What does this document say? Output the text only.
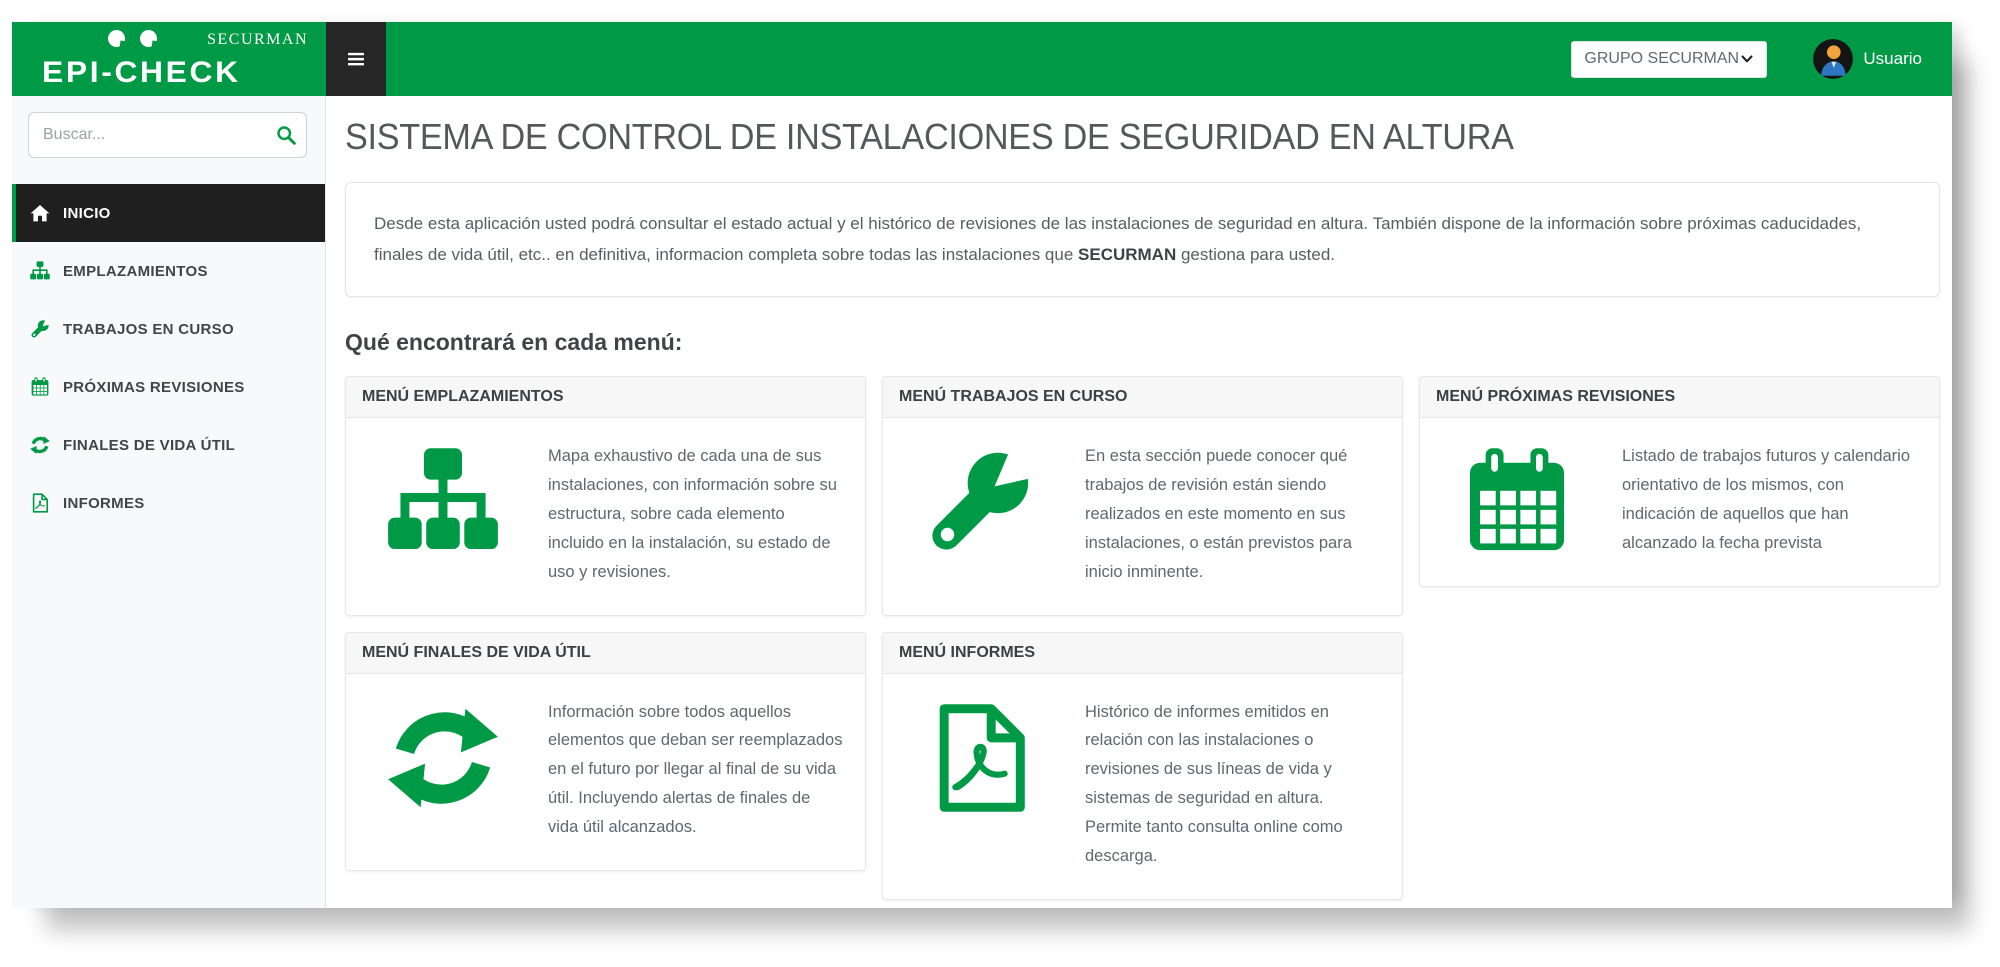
SECURMAN
EPI-CHECK	GRUPO SECURMAN	Usuario
Buscar...
INICIO
EMPLAZAMIENTOS
TRABAJOS EN CURSO
PRÓXIMAS REVISIONES
FINALES DE VIDA ÚTIL
INFORMES
SISTEMA DE CONTROL DE INSTALACIONES DE SEGURIDAD EN ALTURA
Desde esta aplicación usted podrá consultar el estado actual y el histórico de revisiones de las instalaciones de seguridad en altura. También dispone de la información sobre próximas caducidades, finales de vida útil, etc.. en definitiva, informacion completa sobre todas las instalaciones que SECURMAN gestiona para usted.
Qué encontrará en cada menú:
MENÚ EMPLAZAMIENTOS
Mapa exhaustivo de cada una de sus instalaciones, con información sobre su estructura, sobre cada elemento incluido en la instalación, su estado de uso y revisiones.
MENÚ TRABAJOS EN CURSO
En esta sección puede conocer qué trabajos de revisión están siendo realizados en este momento en sus instalaciones, o están previstos para inicio inminente.
MENÚ PRÓXIMAS REVISIONES
Listado de trabajos futuros y calendario orientativo de los mismos, con indicación de aquellos que han alcanzado la fecha prevista
MENÚ FINALES DE VIDA ÚTIL
Información sobre todos aquellos elementos que deban ser reemplazados en el futuro por llegar al final de su vida útil. Incluyendo alertas de finales de vida útil alcanzados.
MENÚ INFORMES
Histórico de informes emitidos en relación con las instalaciones o revisiones de sus líneas de vida y sistemas de seguridad en altura. Permite tanto consulta online como descarga.
